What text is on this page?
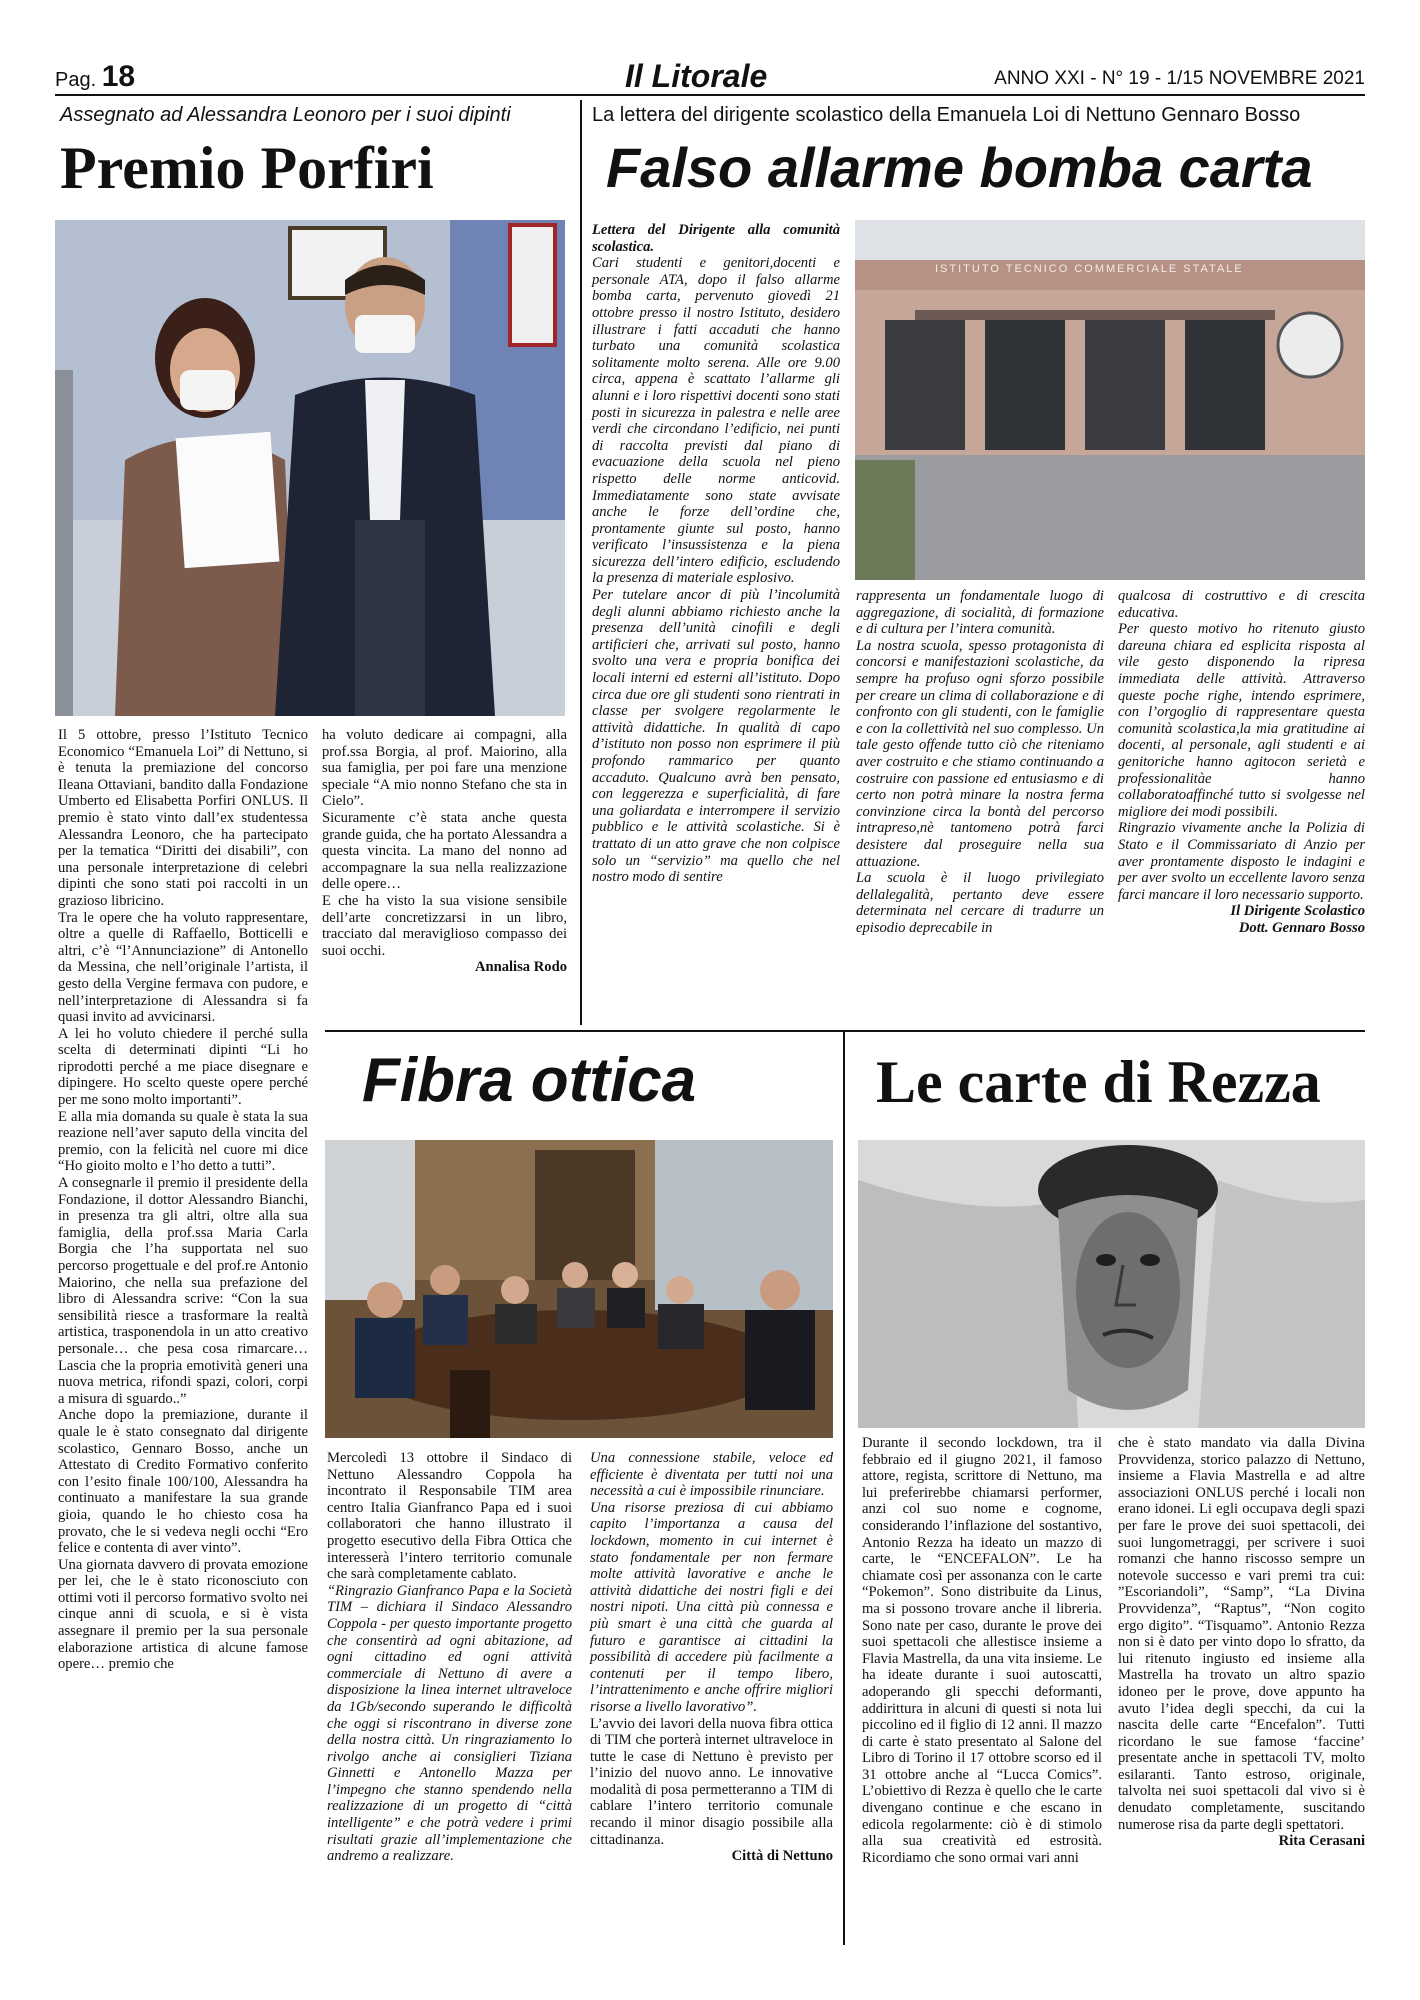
Pag. 18	Il Litorale	ANNO XXI - N° 19 - 1/15 NOVEMBRE 2021
Assegnato ad Alessandra Leonoro per i suoi dipinti
Premio Porfiri

Il 5 ottobre, presso l’Istituto Tecnico Economico “Emanuela Loi” di Nettuno, si è tenuta la premiazione del concorso Ileana Ottaviani, bandito dalla Fondazione Umberto ed Elisabetta Porfiri ONLUS. Il premio è stato vinto dall’ex studentessa Alessandra Leonoro, che ha partecipato per la tematica “Diritti dei disabili”, con una personale interpretazione di celebri dipinti che sono stati poi raccolti in un grazioso libricino.

Tra le opere che ha voluto rappresentare, oltre a quelle di Raffaello, Botticelli e altri, c’è “l’Annunciazione” di Antonello da Messina, che nell’originale l’artista, il gesto della Vergine fermava con pudore, e nell’interpretazione di Alessandra si fa quasi invito ad avvicinarsi.

A lei ho voluto chiedere il perché sulla scelta di determinati dipinti “Li ho riprodotti perché a me piace disegnare e dipingere. Ho scelto queste opere perché per me sono molto importanti”.

E alla mia domanda su quale è stata la sua reazione nell’aver saputo della vincita del premio, con la felicità nel cuore mi dice “Ho gioito molto e l’ho detto a tutti”.

A consegnarle il premio il presidente della Fondazione, il dottor Alessandro Bianchi, in presenza tra gli altri, oltre alla sua famiglia, della prof.ssa Maria Carla Borgia che l’ha supportata nel suo percorso progettuale e del prof.re Antonio Maiorino, che nella sua prefazione del libro di Alessandra scrive: “Con la sua sensibilità riesce a trasformare la realtà artistica, trasponendola in un atto creativo personale… che pesa cosa rimarcare… Lascia che la propria emotività generi una nuova metrica, rifondi spazi, colori, corpi a misura di sguardo..”

Anche dopo la premiazione, durante il quale le è stato consegnato dal dirigente scolastico, Gennaro Bosso, anche un Attestato di Credito Formativo conferito con l’esito finale 100/100, Alessandra ha continuato a manifestare la sua grande gioia, quando le ho chiesto cosa ha provato, che le si vedeva negli occhi “Ero felice e contenta di aver vinto”.

Una giornata davvero di provata emozione per lei, che le è stato riconosciuto con ottimi voti il percorso formativo svolto nei cinque anni di scuola, e si è vista assegnare il premio per la sua personale elaborazione artistica di alcune famose opere… premio che

ha voluto dedicare ai compagni, alla prof.ssa Borgia, al prof. Maiorino, alla sua famiglia, per poi fare una menzione speciale “A mio nonno Stefano che sta in Cielo”.

Sicuramente c’è stata anche questa grande guida, che ha portato Alessandra a questa vincita. La mano del nonno ad accompagnare la sua nella realizzazione delle opere…

E che ha visto la sua visione sensibile dell’arte concretizzarsi in un libro, tracciato dal meraviglioso compasso dei suoi occhi.

Annalisa Rodo
La lettera del dirigente scolastico della Emanuela Loi di Nettuno Gennaro Bosso
Falso allarme bomba carta
ISTITUTO TECNICO COMMERCIALE STATALE

Lettera del Dirigente alla comunità scolastica.

Cari studenti e genitori,docenti e personale ATA, dopo il falso allarme bomba carta, pervenuto giovedì 21 ottobre presso il nostro Istituto, desidero illustrare i fatti accaduti che hanno turbato una comunità scolastica solitamente molto serena. Alle ore 9.00 circa, appena è scattato l’allarme gli alunni e i loro rispettivi docenti sono stati posti in sicurezza in palestra e nelle aree verdi che circondano l’edificio, nei punti di raccolta previsti dal piano di evacuazione della scuola nel pieno rispetto delle norme anticovid. Immediatamente sono state avvisate anche le forze dell’ordine che, prontamente giunte sul posto, hanno verificato l’insussistenza e la piena sicurezza dell’intero edificio, escludendo la presenza di materiale esplosivo.

Per tutelare ancor di più l’incolumità degli alunni abbiamo richiesto anche la presenza dell’unità cinofili e degli artificieri che, arrivati sul posto, hanno svolto una vera e propria bonifica dei locali interni ed esterni all’istituto. Dopo circa due ore gli studenti sono rientrati in classe per svolgere regolarmente le attività didattiche. In qualità di capo d’istituto non posso non esprimere il più profondo rammarico per quanto accaduto. Qualcuno avrà ben pensato, con leggerezza e superficialità, di fare una goliardata e interrompere il servizio pubblico e le attività scolastiche. Si è trattato di un atto grave che non colpisce solo un “servizio” ma quello che nel nostro modo di sentire

rappresenta un fondamentale luogo di aggregazione, di socialità, di formazione e di cultura per l’intera comunità.

La nostra scuola, spesso protagonista di concorsi e manifestazioni scolastiche, da sempre ha profuso ogni sforzo possibile per creare un clima di collaborazione e di confronto con gli studenti, con le famiglie e con la collettività nel suo complesso. Un tale gesto offende tutto ciò che riteniamo aver costruito e che stiamo continuando a costruire con passione ed entusiasmo e di certo non potrà minare la nostra ferma convinzione circa la bontà del percorso intrapreso,nè tantomeno potrà farci desistere dal proseguire nella sua attuazione.

La scuola è il luogo privilegiato dellalegalità, pertanto deve essere determinata nel cercare di tradurre un episodio deprecabile in

qualcosa di costruttivo e di crescita educativa.

Per questo motivo ho ritenuto giusto dareuna chiara ed esplicita risposta al vile gesto disponendo la ripresa immediata delle attività. Attraverso queste poche righe, intendo esprimere, con l’orgoglio di rappresentare questa comunità scolastica,la mia gratitudine ai docenti, al personale, agli studenti e ai genitoriche hanno agitocon serietà e professionalitàe hanno collaboratoaffinché tutto si svolgesse nel migliore dei modi possibili.

Ringrazio vivamente anche la Polizia di Stato e il Commissariato di Anzio per aver prontamente disposto le indagini e per aver svolto un eccellente lavoro senza farci mancare il loro necessario supporto.

Il Dirigente Scolastico
Dott. Gennaro Bosso
Fibra ottica

Mercoledì 13 ottobre il Sindaco di Nettuno Alessandro Coppola ha incontrato il Responsabile TIM area centro Italia Gianfranco Papa ed i suoi collaboratori che hanno illustrato il progetto esecutivo della Fibra Ottica che interesserà l’intero territorio comunale che sarà completamente cablato.

“Ringrazio Gianfranco Papa e la Società TIM – dichiara il Sindaco Alessandro Coppola - per questo importante progetto che consentirà ad ogni abitazione, ad ogni cittadino ed ogni attività commerciale di Nettuno di avere a disposizione la linea internet ultraveloce da 1Gb/secondo superando le difficoltà che oggi si riscontrano in diverse zone della nostra città. Un ringraziamento lo rivolgo anche ai consiglieri Tiziana Ginnetti e Antonello Mazza per l’impegno che stanno spendendo nella realizzazione di un progetto di “città intelligente” e che potrà vedere i primi risultati grazie all’implementazione che andremo a realizzare.

Una connessione stabile, veloce ed efficiente è diventata per tutti noi una necessità a cui è impossibile rinunciare.

Una risorse preziosa di cui abbiamo capito l’importanza a causa del lockdown, momento in cui internet è stato fondamentale per non fermare molte attività lavorative e anche le attività didattiche dei nostri figli e dei nostri nipoti. Una città più connessa e più smart è una città che guarda al futuro e garantisce ai cittadini la possibilità di accedere più facilmente a contenuti per il tempo libero, l’intrattenimento e anche offrire migliori risorse a livello lavorativo”.

L’avvio dei lavori della nuova fibra ottica di TIM che porterà internet ultraveloce in tutte le case di Nettuno è previsto per l’inizio del nuovo anno. Le innovative modalità di posa permetteranno a TIM di cablare l’intero territorio comunale recando il minor disagio possibile alla cittadinanza.

Città di Nettuno
Le carte di Rezza

Durante il secondo lockdown, tra il febbraio ed il giugno 2021, il famoso attore, regista, scrittore di Nettuno, ma lui preferirebbe chiamarsi performer, anzi col suo nome e cognome, considerando l’inflazione del sostantivo, Antonio Rezza ha ideato un mazzo di carte, le “ENCEFALON”. Le ha chiamate così per assonanza con le carte “Pokemon”. Sono distribuite da Linus, ma si possono trovare anche il libreria. Sono nate per caso, durante le prove dei suoi spettacoli che allestisce insieme a Flavia Mastrella, da una vita insieme. Le ha ideate durante i suoi autoscatti, adoperando gli specchi deformanti, addirittura in alcuni di questi si nota lui piccolino ed il figlio di 12 anni. Il mazzo di carte è stato presentato al Salone del Libro di Torino il 17 ottobre scorso ed il 31 ottobre anche al “Lucca Comics”. L’obiettivo di Rezza è quello che le carte divengano continue e che escano in edicola regolarmente: ciò è di stimolo alla sua creatività ed estrosità. Ricordiamo che sono ormai vari anni

che è stato mandato via dalla Divina Provvidenza, storico palazzo di Nettuno, insieme a Flavia Mastrella e ad altre associazioni ONLUS perché i locali non erano idonei. Li egli occupava degli spazi per fare le prove dei suoi spettacoli, dei suoi lungometraggi, per scrivere i suoi romanzi che hanno riscosso sempre un notevole successo e vari premi tra cui: ”Escoriandoli”, “Samp”, “La Divina Provvidenza”, “Raptus”, “Non cogito ergo digito”. “Tisquamo”. Antonio Rezza non si è dato per vinto dopo lo sfratto, da lui ritenuto ingiusto ed insieme alla Mastrella ha trovato un altro spazio idoneo per le prove, dove appunto ha avuto l’idea degli specchi, da cui la nascita delle carte “Encefalon”. Tutti ricordano le sue famose ‘faccine’ presentate anche in spettacoli TV, molto esilaranti. Tanto estroso, originale, talvolta nei suoi spettacoli dal vivo si è denudato completamente, suscitando numerose risa da parte degli spettatori.

Rita Cerasani
